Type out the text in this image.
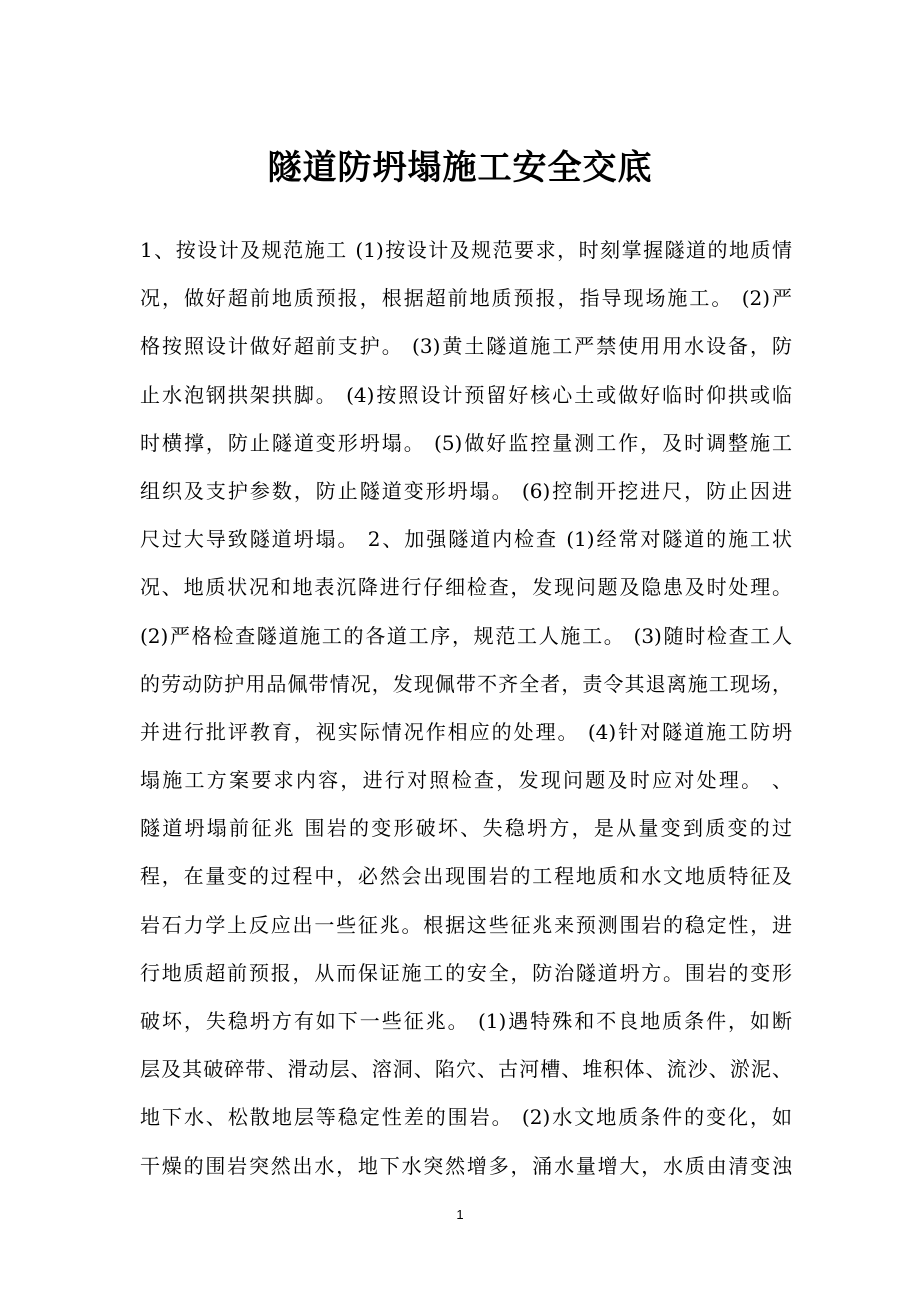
隧道防坍塌施工安全交底
1、按设计及规范施工 (1)按设计及规范要求，时刻掌握隧道的地质情
况，做好超前地质预报，根据超前地质预报，指导现场施工。 (2)严
格按照设计做好超前支护。 (3)黄土隧道施工严禁使用用水设备，防
止水泡钢拱架拱脚。 (4)按照设计预留好核心土或做好临时仰拱或临
时横撑，防止隧道变形坍塌。 (5)做好监控量测工作，及时调整施工
组织及支护参数，防止隧道变形坍塌。 (6)控制开挖进尺，防止因进
尺过大导致隧道坍塌。 2、加强隧道内检查 (1)经常对隧道的施工状
况、地质状况和地表沉降进行仔细检查，发现问题及隐患及时处理。
(2)严格检查隧道施工的各道工序，规范工人施工。 (3)随时检查工人
的劳动防护用品佩带情况，发现佩带不齐全者，责令其退离施工现场，
并进行批评教育，视实际情况作相应的处理。 (4)针对隧道施工防坍
塌施工方案要求内容，进行对照检查，发现问题及时应对处理。 、
隧道坍塌前征兆 围岩的变形破坏、失稳坍方，是从量变到质变的过
程，在量变的过程中，必然会出现围岩的工程地质和水文地质特征及
岩石力学上反应出一些征兆。根据这些征兆来预测围岩的稳定性，进
行地质超前预报，从而保证施工的安全，防治隧道坍方。围岩的变形
破坏，失稳坍方有如下一些征兆。 (1)遇特殊和不良地质条件，如断
层及其破碎带、滑动层、溶洞、陷穴、古河槽、堆积体、流沙、淤泥、
地下水、松散地层等稳定性差的围岩。 (2)水文地质条件的变化，如
干燥的围岩突然出水，地下水突然增多，涌水量增大，水质由清变浊
1
